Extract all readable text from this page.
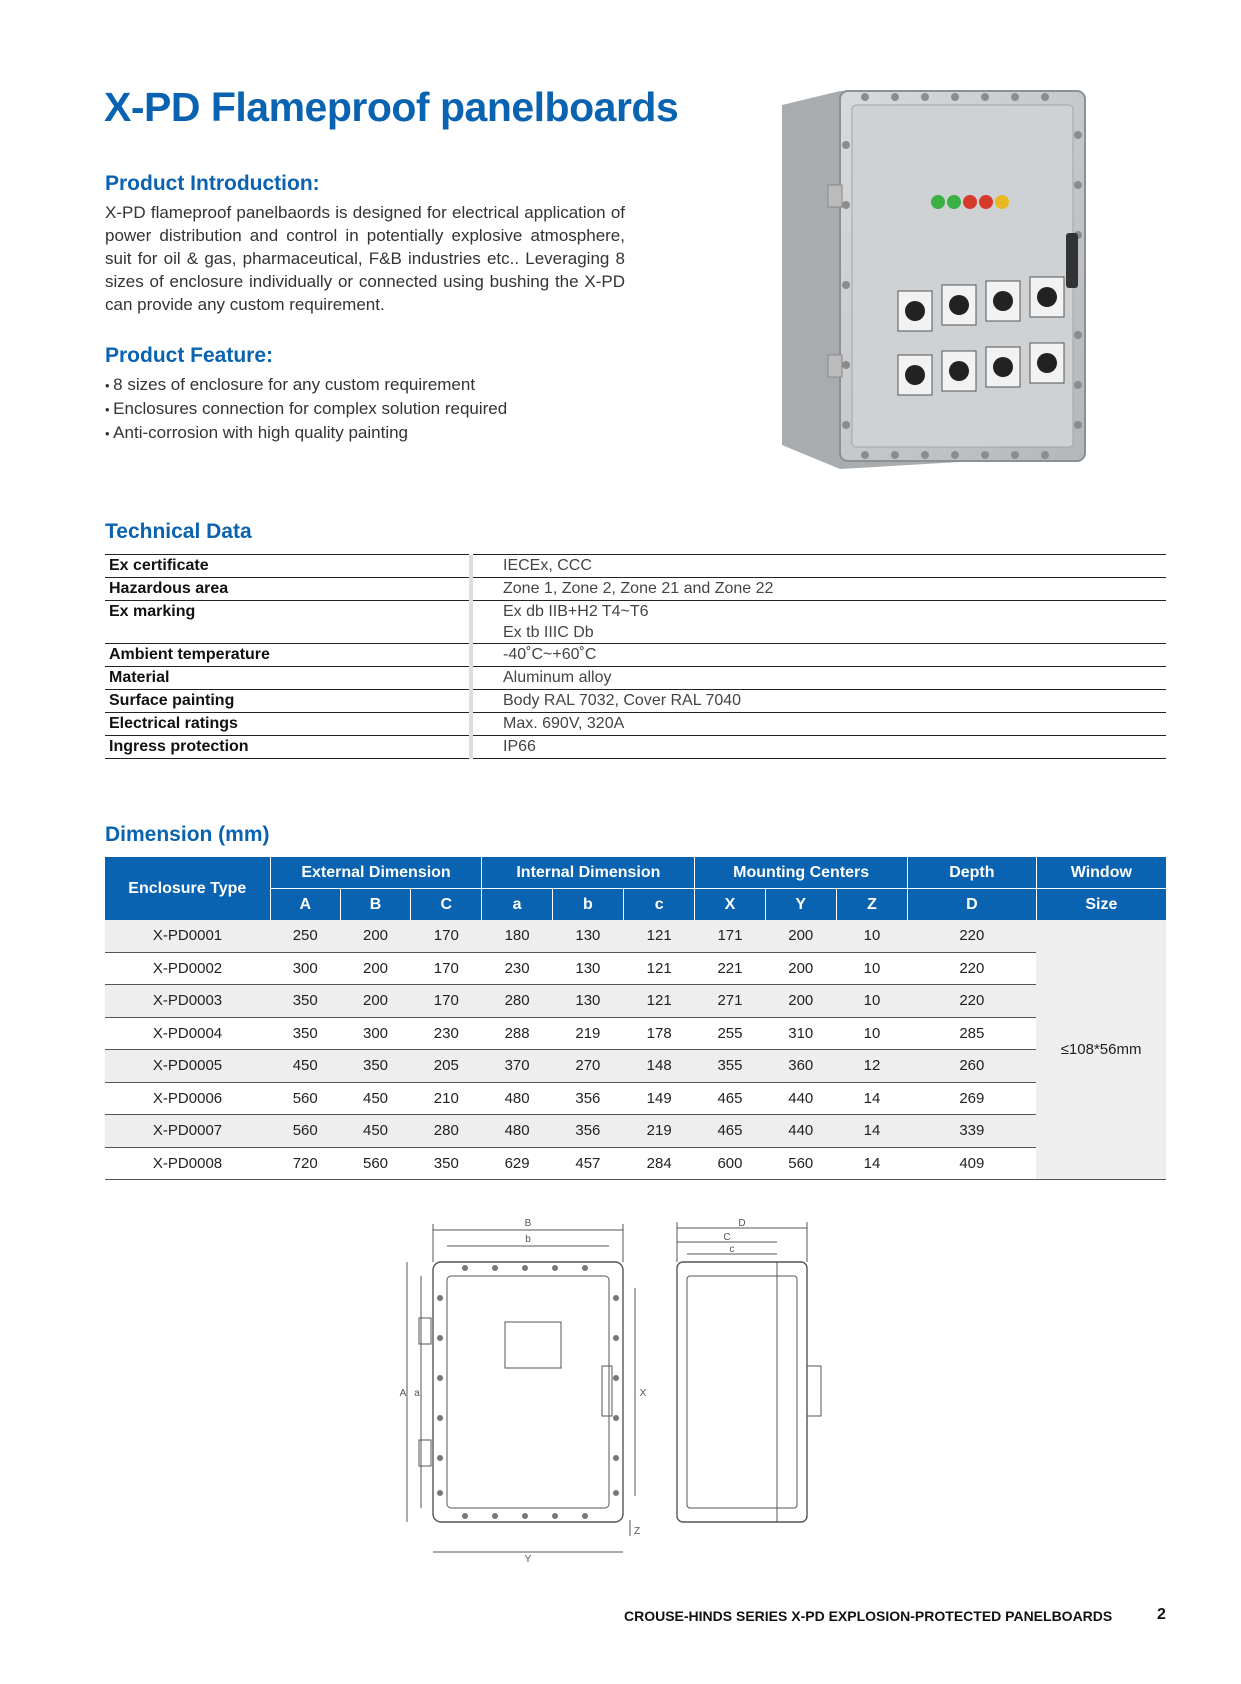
X-PD Flameproof panelboards
Product Introduction:

X-PD flameproof panelbaords is designed for electrical application of power distribution and control in potentially explosive atmosphere, suit for oil & gas, pharmaceutical, F&B industries etc.. Leveraging 8 sizes of enclosure individually or connected using bushing the X-PD can provide any custom requirement.

Product Feature:
• 8 sizes of enclosure for any custom requirement
• Enclosures connection for complex solution required
• Anti-corrosion with high quality painting
Technical Data
Ex certificate		IECEx, CCC
Hazardous area		Zone 1, Zone 2, Zone 21 and Zone 22
Ex marking		Ex db IIB+H2 T4~T6
Ex tb IIIC Db
Ambient temperature		-40˚C~+60˚C
Material		Aluminum alloy
Surface painting		Body RAL 7032, Cover RAL 7040
Electrical ratings		Max. 690V, 320A
Ingress protection		IP66
Dimension (mm)
Enclosure Type	External Dimension			Internal Dimension			Mounting Centers			Depth	Window
	A	B	C	a	b	c	X	Y	Z	D	Size
X-PD0001	250	200	170	180	130	121	171	200	10	220	≤108*56mm
X-PD0002	300	200	170	230	130	121	221	200	10	220	
X-PD0003	350	200	170	280	130	121	271	200	10	220	
X-PD0004	350	300	230	288	219	178	255	310	10	285	
X-PD0005	450	350	205	370	270	148	355	360	12	260	
X-PD0006	560	450	210	480	356	149	465	440	14	269	
X-PD0007	560	450	280	480	356	219	465	440	14	339	
X-PD0008	720	560	350	629	457	284	600	560	14	409	
B
b
A a	X
Y
Z
D
C
c

CROUSE-HINDS SERIES X-PD EXPLOSION-PROTECTED PANELBOARDS	2
